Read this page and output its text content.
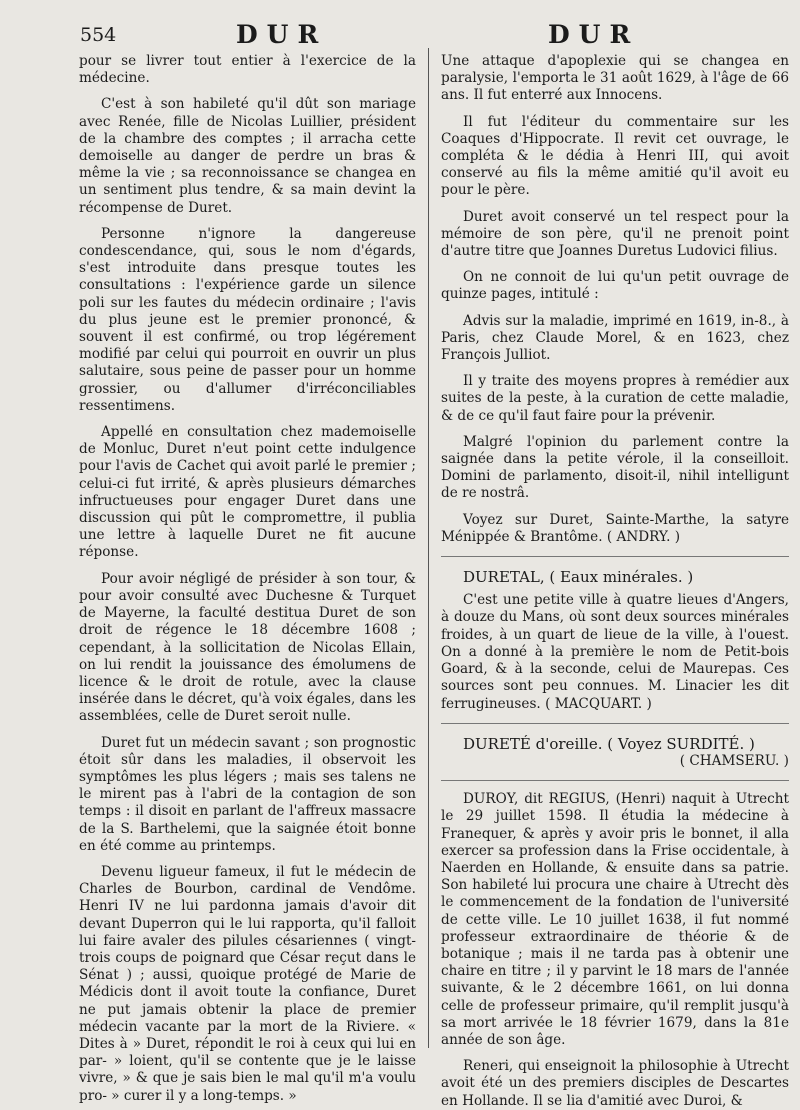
554	DUR	DUR

pour se livrer tout entier à l'exercice de la médecine.

C'est à son habileté qu'il dût son mariage avec Renée, fille de Nicolas Luillier, président de la chambre des comptes ; il arracha cette demoiselle au danger de perdre un bras & même la vie ; sa reconnoissance se changea en un sentiment plus tendre, & sa main devint la récompense de Duret.

Personne n'ignore la dangereuse condescendance, qui, sous le nom d'égards, s'est introduite dans presque toutes les consultations : l'expérience garde un silence poli sur les fautes du médecin ordinaire ; l'avis du plus jeune est le premier prononcé, & souvent il est confirmé, ou trop légérement modifié par celui qui pourroit en ouvrir un plus salutaire, sous peine de passer pour un homme grossier, ou d'allumer d'irréconciliables ressentimens.

Appellé en consultation chez mademoiselle de Monluc, Duret n'eut point cette indulgence pour l'avis de Cachet qui avoit parlé le premier ; celui-ci fut irrité, & après plusieurs démarches infructueuses pour engager Duret dans une discussion qui pût le compromettre, il publia une lettre à laquelle Duret ne fit aucune réponse.

Pour avoir négligé de présider à son tour, & pour avoir consulté avec Duchesne & Turquet de Mayerne, la faculté destitua Duret de son droit de régence le 18 décembre 1608 ; cependant, à la sollicitation de Nicolas Ellain, on lui rendit la jouissance des émolumens de licence & le droit de rotule, avec la clause insérée dans le décret, qu'à voix égales, dans les assemblées, celle de Duret seroit nulle.

Duret fut un médecin savant ; son prognostic étoit sûr dans les maladies, il observoit les symptômes les plus légers ; mais ses talens ne le mirent pas à l'abri de la contagion de son temps : il disoit en parlant de l'affreux massacre de la S. Barthelemi, que la saignée étoit bonne en été comme au printemps.

Devenu ligueur fameux, il fut le médecin de Charles de Bourbon, cardinal de Vendôme. Henri IV ne lui pardonna jamais d'avoir dit devant Duperron qui le lui rapporta, qu'il falloit lui faire avaler des pilules césariennes ( vingt-trois coups de poignard que César reçut dans le Sénat ) ; aussi, quoique protégé de Marie de Médicis dont il avoit toute la confiance, Duret ne put jamais obtenir la place de premier médecin vacante par la mort de la Riviere. « Dites à » Duret, répondit le roi à ceux qui lui en par- » loient, qu'il se contente que je le laisse vivre, » & que je sais bien le mal qu'il m'a voulu pro- » curer il y a long-temps. »

Une attaque d'apoplexie qui se changea en paralysie, l'emporta le 31 août 1629, à l'âge de 66 ans. Il fut enterré aux Innocens.

Il fut l'éditeur du commentaire sur les Coaques d'Hippocrate. Il revit cet ouvrage, le compléta & le dédia à Henri III, qui avoit conservé au fils la même amitié qu'il avoit eu pour le père.

Duret avoit conservé un tel respect pour la mémoire de son père, qu'il ne prenoit point d'autre titre que Joannes Duretus Ludovici filius.

On ne connoit de lui qu'un petit ouvrage de quinze pages, intitulé :

Advis sur la maladie, imprimé en 1619, in-8., à Paris, chez Claude Morel, & en 1623, chez François Julliot.

Il y traite des moyens propres à remédier aux suites de la peste, à la curation de cette maladie, & de ce qu'il faut faire pour la prévenir.

Malgré l'opinion du parlement contre la saignée dans la petite vérole, il la conseilloit. Domini de parlamento, disoit-il, nihil intelligunt de re nostrâ.

Voyez sur Duret, Sainte-Marthe, la satyre Ménippée & Brantôme. ( ANDRY. )

DURETAL, ( Eaux minérales. )

C'est une petite ville à quatre lieues d'Angers, à douze du Mans, où sont deux sources minérales froides, à un quart de lieue de la ville, à l'ouest. On a donné à la première le nom de Petit-bois Goard, & à la seconde, celui de Maurepas. Ces sources sont peu connues. M. Linacier les dit ferrugineuses. ( MACQUART. )

DURETÉ d'oreille. ( Voyez SURDITÉ. )

( CHAMSERU. )

DUROY, dit REGIUS, (Henri) naquit à Utrecht le 29 juillet 1598. Il étudia la médecine à Franequer, & après y avoir pris le bonnet, il alla exercer sa profession dans la Frise occidentale, à Naerden en Hollande, & ensuite dans sa patrie. Son habileté lui procura une chaire à Utrecht dès le commencement de la fondation de l'université de cette ville. Le 10 juillet 1638, il fut nommé professeur extraordinaire de théorie & de botanique ; mais il ne tarda pas à obtenir une chaire en titre ; il y parvint le 18 mars de l'année suivante, & le 2 décembre 1661, on lui donna celle de professeur primaire, qu'il remplit jusqu'à sa mort arrivée le 18 février 1679, dans la 81e année de son âge.

Reneri, qui enseignoit la philosophie à Utrecht avoit été un des premiers disciples de Descartes en Hollande. Il se lia d'amitié avec Duroi, &
